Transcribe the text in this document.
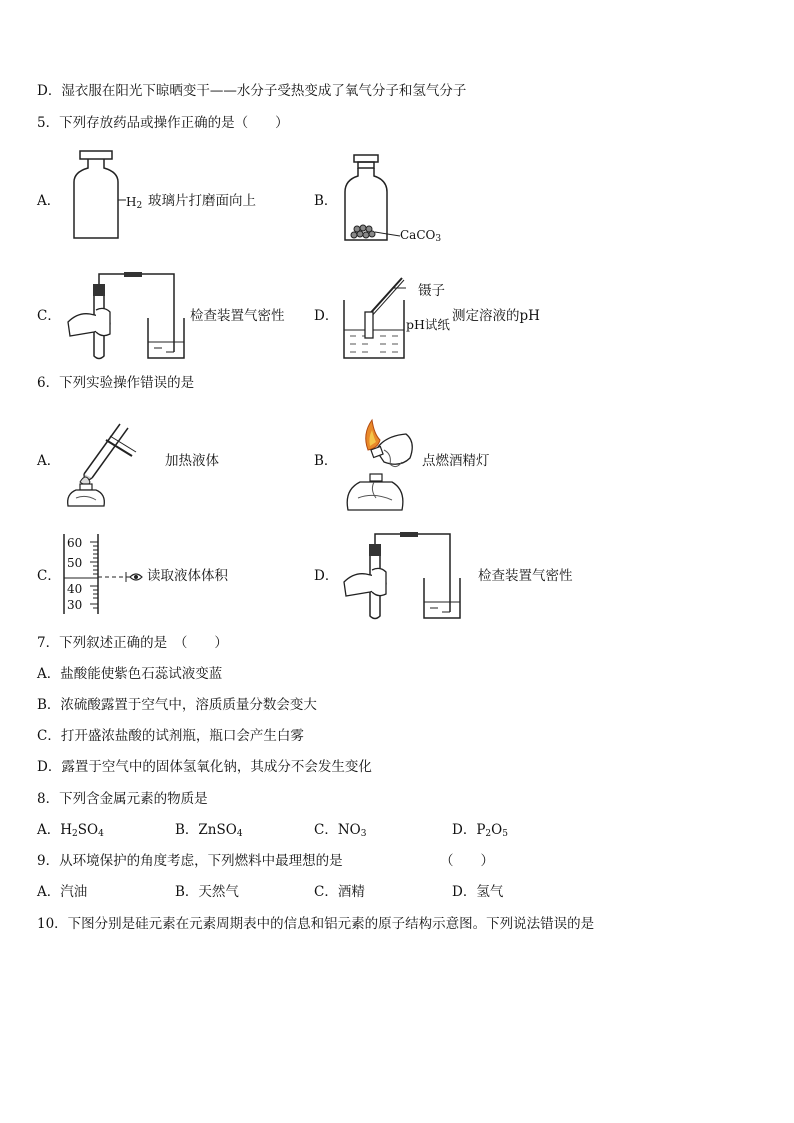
D．湿衣服在阳光下晾晒变干——水分子受热变成了氧气分子和氢气分子
5．下列存放药品或操作正确的是（　　）
A．	$H_2$ 玻璃片打磨面向上	B．
CaCO$_3$
C．	检查装置气密性 D．
镊子
pH试纸
测定溶液的pH
6．下列实验操作错误的是
A．	加热液体	B．	点燃酒精灯
C．
60
50
40
30
读取液体体积	D．	检查装置气密性
7．下列叙述正确的是　（　　）
A．盐酸能使紫色石蕊试液变蓝
B．浓硫酸露置于空气中，溶质质量分数会变大
C．打开盛浓盐酸的试剂瓶，瓶口会产生白雾
D．露置于空气中的固体氢氧化钠，其成分不会发生变化
8．下列含金属元素的物质是
A．$H_2SO_4$	B．ZnSO$_4$	C．$NO_3$	D．$P_2O_5$
9．从环境保护的角度考虑，下列燃料中最理想的是	（　　）
A．汽油	B．天然气	C．酒精	D．氢气
10．下图分别是硅元素在元素周期表中的信息和铝元素的原子结构示意图。下列说法错误的是
